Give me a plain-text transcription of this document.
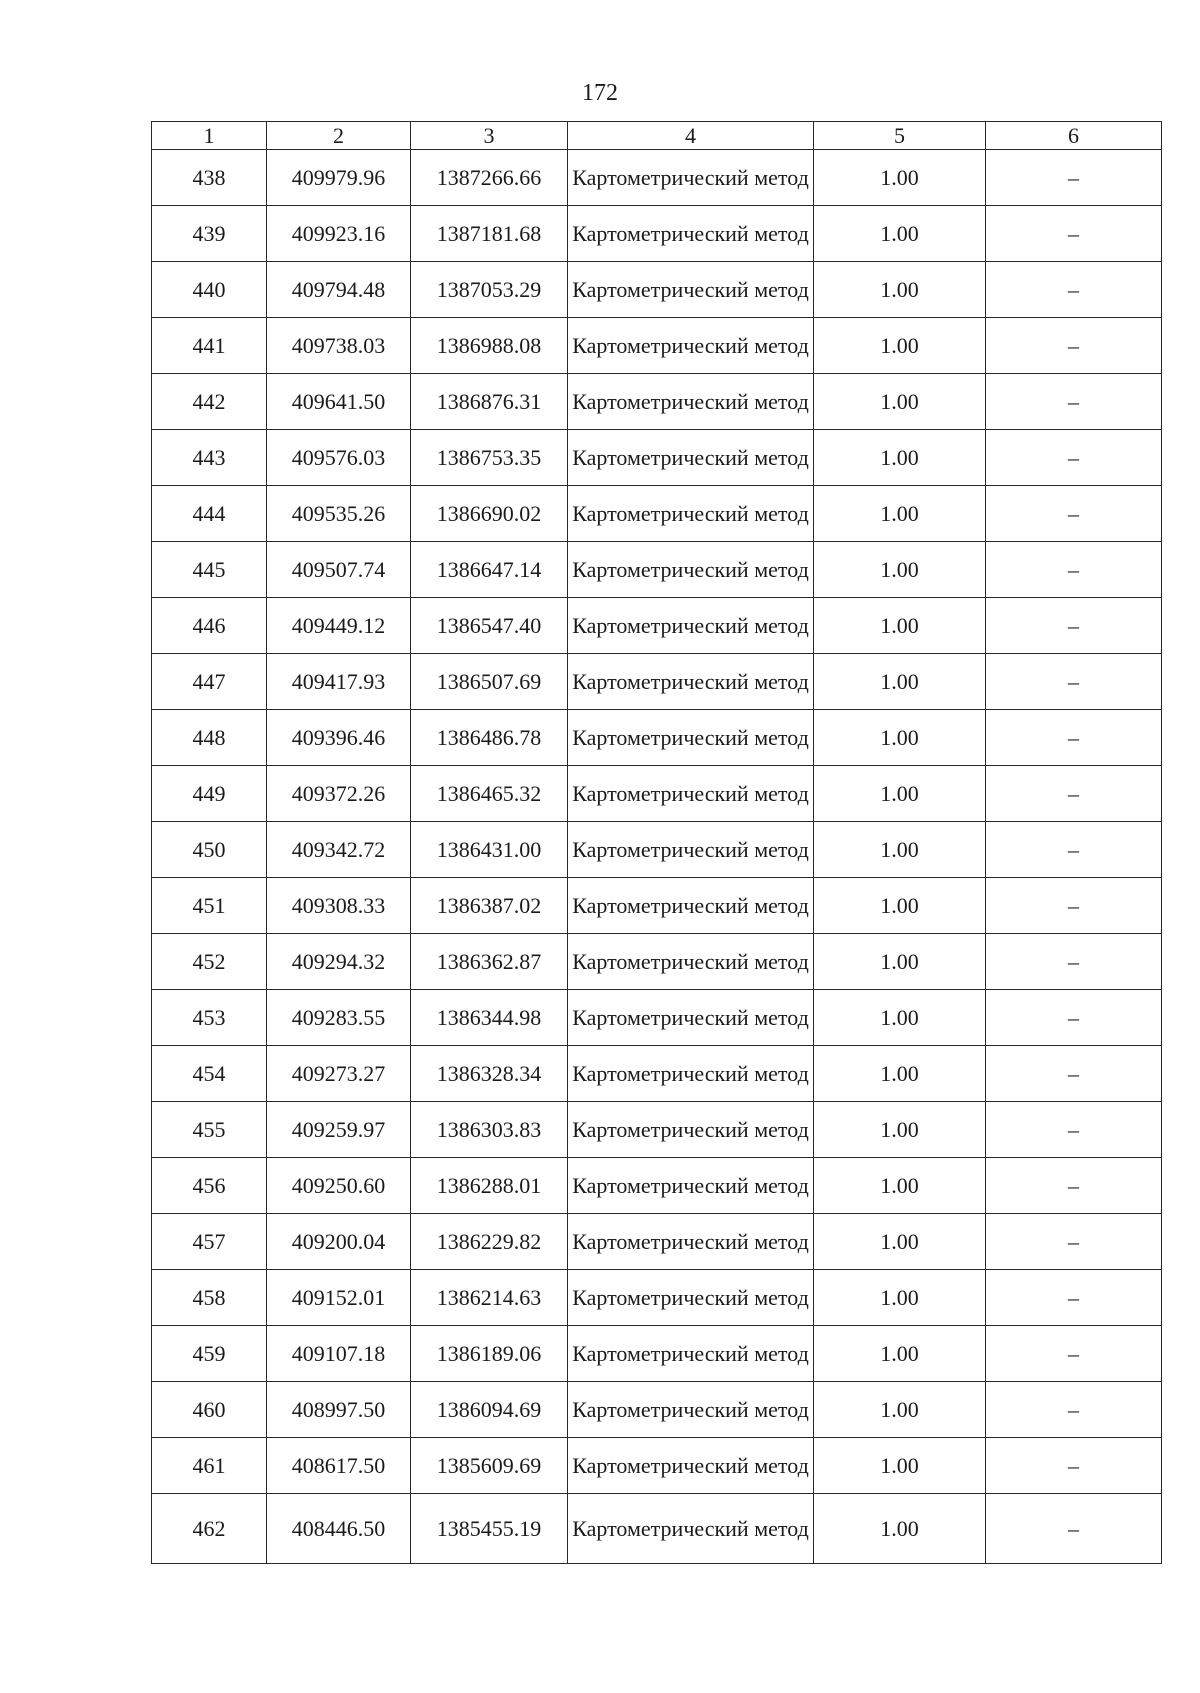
172
1	2	3	4	5	6
438	409979.96	1387266.66	Картометрический метод	1.00	–
439	409923.16	1387181.68	Картометрический метод	1.00	–
440	409794.48	1387053.29	Картометрический метод	1.00	–
441	409738.03	1386988.08	Картометрический метод	1.00	–
442	409641.50	1386876.31	Картометрический метод	1.00	–
443	409576.03	1386753.35	Картометрический метод	1.00	–
444	409535.26	1386690.02	Картометрический метод	1.00	–
445	409507.74	1386647.14	Картометрический метод	1.00	–
446	409449.12	1386547.40	Картометрический метод	1.00	–
447	409417.93	1386507.69	Картометрический метод	1.00	–
448	409396.46	1386486.78	Картометрический метод	1.00	–
449	409372.26	1386465.32	Картометрический метод	1.00	–
450	409342.72	1386431.00	Картометрический метод	1.00	–
451	409308.33	1386387.02	Картометрический метод	1.00	–
452	409294.32	1386362.87	Картометрический метод	1.00	–
453	409283.55	1386344.98	Картометрический метод	1.00	–
454	409273.27	1386328.34	Картометрический метод	1.00	–
455	409259.97	1386303.83	Картометрический метод	1.00	–
456	409250.60	1386288.01	Картометрический метод	1.00	–
457	409200.04	1386229.82	Картометрический метод	1.00	–
458	409152.01	1386214.63	Картометрический метод	1.00	–
459	409107.18	1386189.06	Картометрический метод	1.00	–
460	408997.50	1386094.69	Картометрический метод	1.00	–
461	408617.50	1385609.69	Картометрический метод	1.00	–
462	408446.50	1385455.19	Картометрический метод	1.00	–
